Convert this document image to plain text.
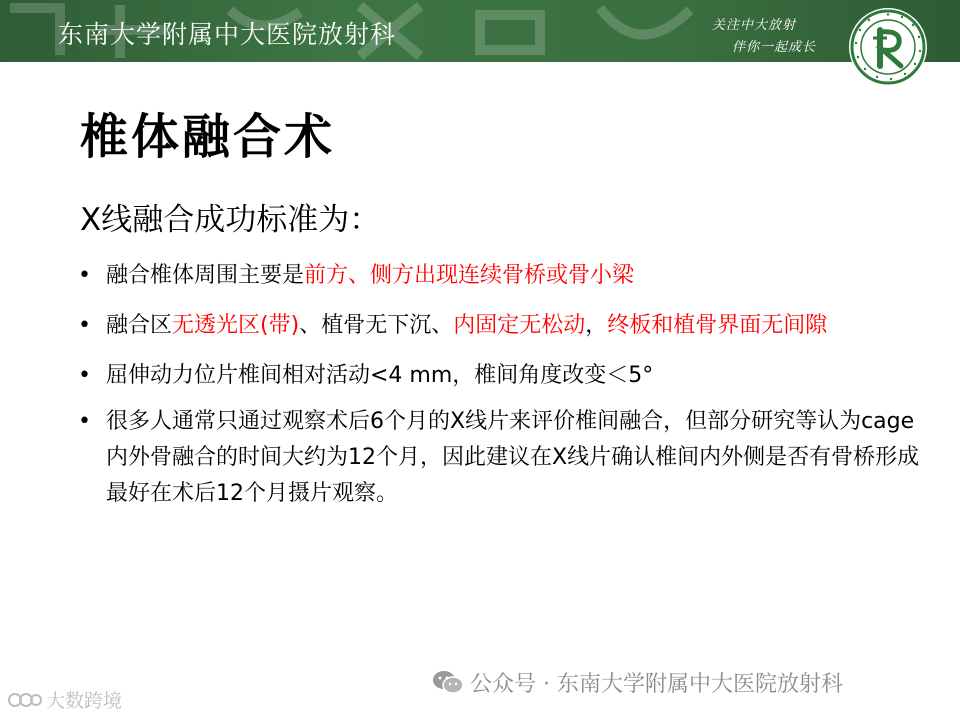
东南大学附属中大医院放射科	关注中大放射
伴你一起成长
椎体融合术
X线融合成功标准为：
• 融合椎体周围主要是前方、侧方出现连续骨桥或骨小梁
• 融合区无透光区(带)、植骨无下沉、内固定无松动，终板和植骨界面无间隙
• 屈伸动力位片椎间相对活动<4 mm，椎间角度改变＜5°
• 很多人通常只通过观察术后6个月的X线片来评价椎间融合，但部分研究等认为cage内外骨融合的时间大约为12个月，因此建议在X线片确认椎间内外侧是否有骨桥形成最好在术后12个月摄片观察。
公众号 · 东南大学附属中大医院放射科
大数跨境
